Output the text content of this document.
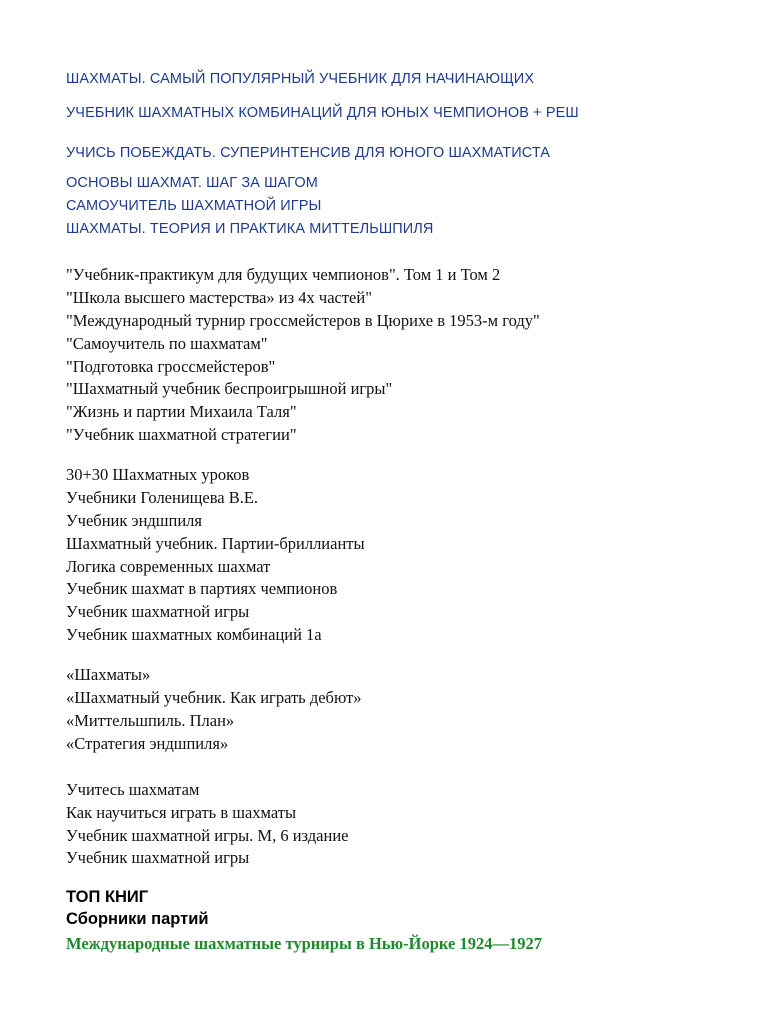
ШАХМАТЫ. САМЫЙ ПОПУЛЯРНЫЙ УЧЕБНИК ДЛЯ НАЧИНАЮЩИХ

УЧЕБНИК ШАХМАТНЫХ КОМБИНАЦИЙ ДЛЯ ЮНЫХ ЧЕМПИОНОВ + РЕШ

УЧИСЬ ПОБЕЖДАТЬ. СУПЕРИНТЕНСИВ ДЛЯ ЮНОГО ШАХМАТИСТА

ОСНОВЫ ШАХМАТ. ШАГ ЗА ШАГОМ

САМОУЧИТЕЛЬ ШАХМАТНОЙ ИГРЫ

ШАХМАТЫ. ТЕОРИЯ И ПРАКТИКА МИТТЕЛЬШПИЛЯ

"Учебник-практикум для будущих чемпионов". Том 1 и Том 2

"Школа высшего мастерства» из 4х частей"

"Международный турнир гроссмейстеров в Цюрихе в 1953-м году"

"Самоучитель по шахматам"

"Подготовка гроссмейстеров"

"Шахматный учебник беспроигрышной игры"

"Жизнь и партии Михаила Таля"

"Учебник шахматной стратегии"

30+30 Шахматных уроков

Учебники Голенищева В.Е.

Учебник эндшпиля

Шахматный учебник. Партии-бриллианты

Логика современных шахмат

Учебник шахмат в партиях чемпионов

Учебник шахматной игры

Учебник шахматных комбинаций 1а

«Шахматы»

«Шахматный учебник. Как играть дебют»

«Миттельшпиль. План»

«Стратегия эндшпиля»

Учитесь шахматам

Как научиться играть в шахматы

Учебник шахматной игры. М, 6 издание

Учебник шахматной игры

ТОП КНИГ

Сборники партий

Международные шахматные турниры в Нью-Йорке 1924—1927
